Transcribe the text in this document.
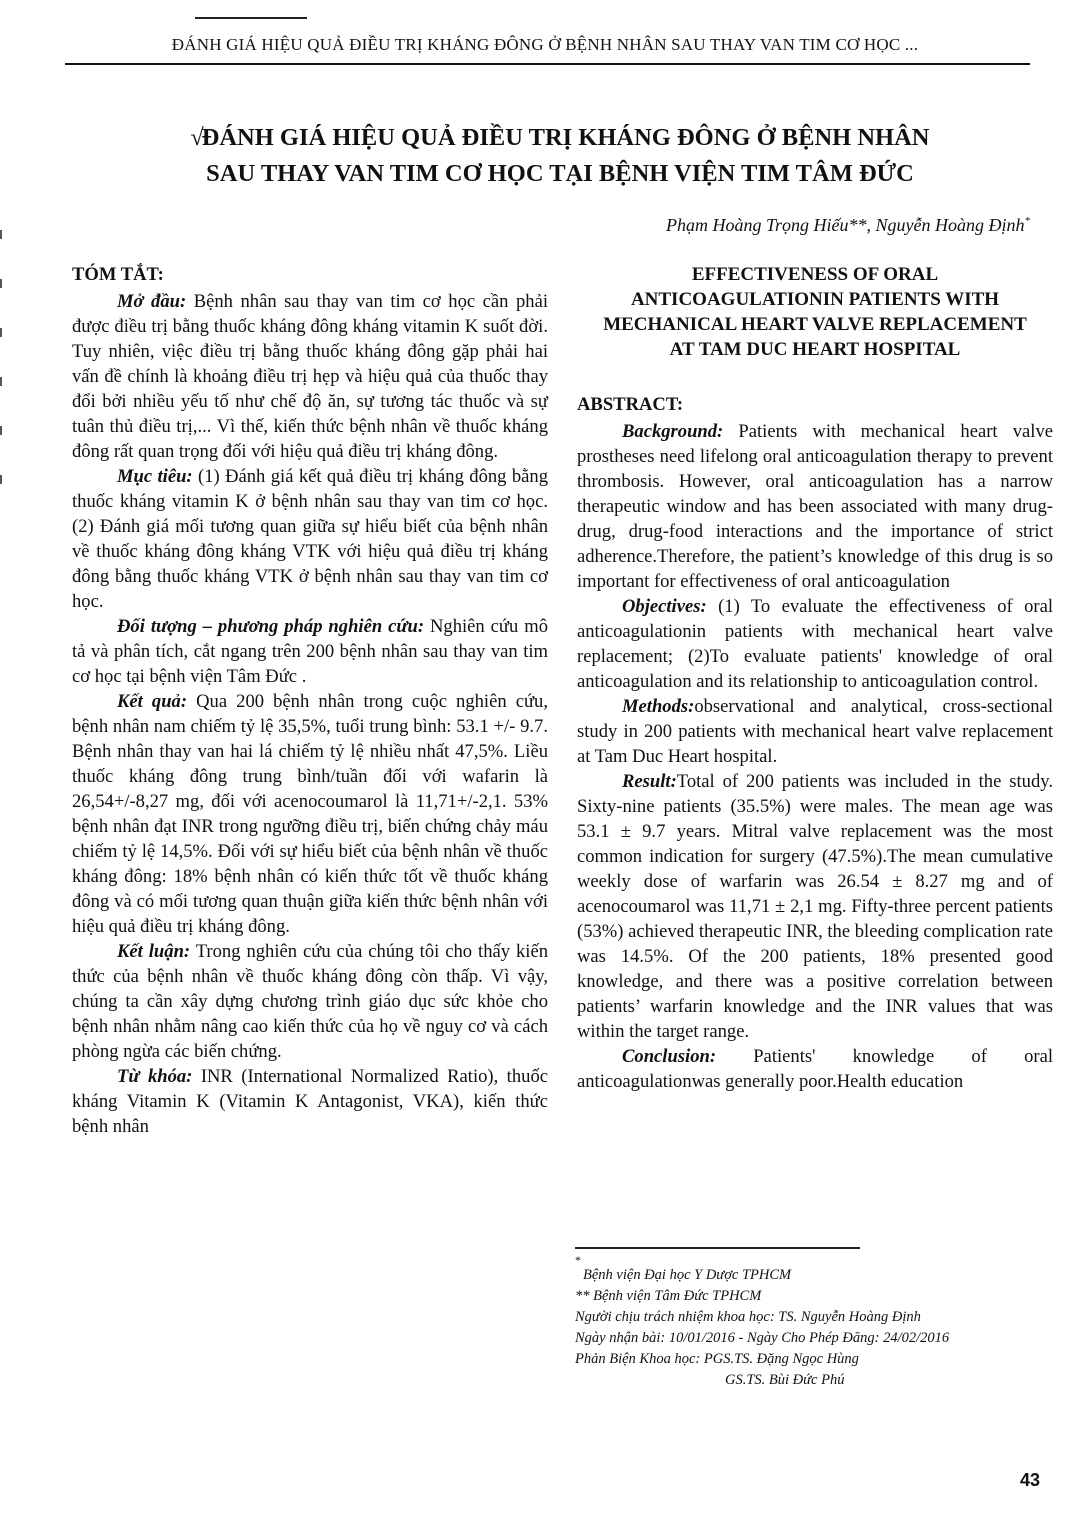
ĐÁNH GIÁ HIỆU QUẢ ĐIỀU TRỊ KHÁNG ĐÔNG Ở BỆNH NHÂN SAU THAY VAN TIM CƠ HỌC ...
√ĐÁNH GIÁ HIỆU QUẢ ĐIỀU TRỊ KHÁNG ĐÔNG Ở BỆNH NHÂN
SAU THAY VAN TIM CƠ HỌC TẠI BỆNH VIỆN TIM TÂM ĐỨC
Phạm Hoàng Trọng Hiếu**, Nguyễn Hoàng Định*
TÓM TẮT:

Mở đầu: Bệnh nhân sau thay van tim cơ học cần phải được điều trị bằng thuốc kháng đông kháng vitamin K suốt đời. Tuy nhiên, việc điều trị bằng thuốc kháng đông gặp phải hai vấn đề chính là khoảng điều trị hẹp và hiệu quả của thuốc thay đổi bởi nhiều yếu tố như chế độ ăn, sự tương tác thuốc và sự tuân thủ điều trị,... Vì thế, kiến thức bệnh nhân về thuốc kháng đông rất quan trọng đối với hiệu quả điều trị kháng đông.

Mục tiêu: (1) Đánh giá kết quả điều trị kháng đông bằng thuốc kháng vitamin K ở bệnh nhân sau thay van tim cơ học. (2) Đánh giá mối tương quan giữa sự hiểu biết của bệnh nhân về thuốc kháng đông kháng VTK với hiệu quả điều trị kháng đông bằng thuốc kháng VTK ở bệnh nhân sau thay van tim cơ học.

Đối tượng – phương pháp nghiên cứu: Nghiên cứu mô tả và phân tích, cắt ngang trên 200 bệnh nhân sau thay van tim cơ học tại bệnh viện Tâm Đức .

Kết quả: Qua 200 bệnh nhân trong cuộc nghiên cứu, bệnh nhân nam chiếm tỷ lệ 35,5%, tuổi trung bình: 53.1 +/- 9.7. Bệnh nhân thay van hai lá chiếm tỷ lệ nhiều nhất 47,5%. Liều thuốc kháng đông trung bình/tuần đối với wafarin là 26,54+/-8,27 mg, đối với acenocoumarol là 11,71+/-2,1. 53% bệnh nhân đạt INR trong ngưỡng điều trị, biến chứng chảy máu chiếm tỷ lệ 14,5%. Đối với sự hiểu biết của bệnh nhân về thuốc kháng đông: 18% bệnh nhân có kiến thức tốt về thuốc kháng đông và có mối tương quan thuận giữa kiến thức bệnh nhân với hiệu quả điều trị kháng đông.

Kết luận: Trong nghiên cứu của chúng tôi cho thấy kiến thức của bệnh nhân về thuốc kháng đông còn thấp. Vì vậy, chúng ta cần xây dựng chương trình giáo dục sức khỏe cho bệnh nhân nhằm nâng cao kiến thức của họ về nguy cơ và cách phòng ngừa các biến chứng.

Từ khóa: INR (International Normalized Ratio), thuốc kháng Vitamin K (Vitamin K Antagonist, VKA), kiến thức bệnh nhân

EFFECTIVENESS OF ORAL
ANTICOAGULATIONIN PATIENTS WITH
MECHANICAL HEART VALVE REPLACEMENT
AT TAM DUC HEART HOSPITAL
ABSTRACT:

Background: Patients with mechanical heart valve prostheses need lifelong oral anticoagulation therapy to prevent thrombosis. However, oral anticoagulation has a narrow therapeutic window and has been associated with many drug-drug, drug-food interactions and the importance of strict adherence.Therefore, the patient’s knowledge of this drug is so important for effectiveness of oral anticoagulation

Objectives: (1) To evaluate the effectiveness of oral anticoagulationin patients with mechanical heart valve replacement; (2)To evaluate patients' knowledge of oral anticoagulation and its relationship to anticoagulation control.

Methods:observational and analytical, cross-sectional study in 200 patients with mechanical heart valve replacement at Tam Duc Heart hospital.

Result:Total of 200 patients was included in the study. Sixty-nine patients (35.5%) were males. The mean age was 53.1 ± 9.7 years. Mitral valve replacement was the most common indication for surgery (47.5%).The mean cumulative weekly dose of warfarin was 26.54 ± 8.27 mg and of acenocoumarol was 11,71 ± 2,1 mg. Fifty-three percent patients (53%) achieved therapeutic INR, the bleeding complication rate was 14.5%. Of the 200 patients, 18% presented good knowledge, and there was a positive correlation between patients’ warfarin knowledge and the INR values that was within the target range.

Conclusion: Patients' knowledge of oral anticoagulationwas generally poor.Health education

*
Bệnh viện Đại học Y Dược TPHCM
** Bệnh viện Tâm Đức TPHCM
Người chịu trách nhiệm khoa học: TS. Nguyễn Hoàng Định
Ngày nhận bài: 10/01/2016 - Ngày Cho Phép Đăng: 24/02/2016
Phản Biện Khoa học: PGS.TS. Đặng Ngọc Hùng
GS.TS. Bùi Đức Phú
43
